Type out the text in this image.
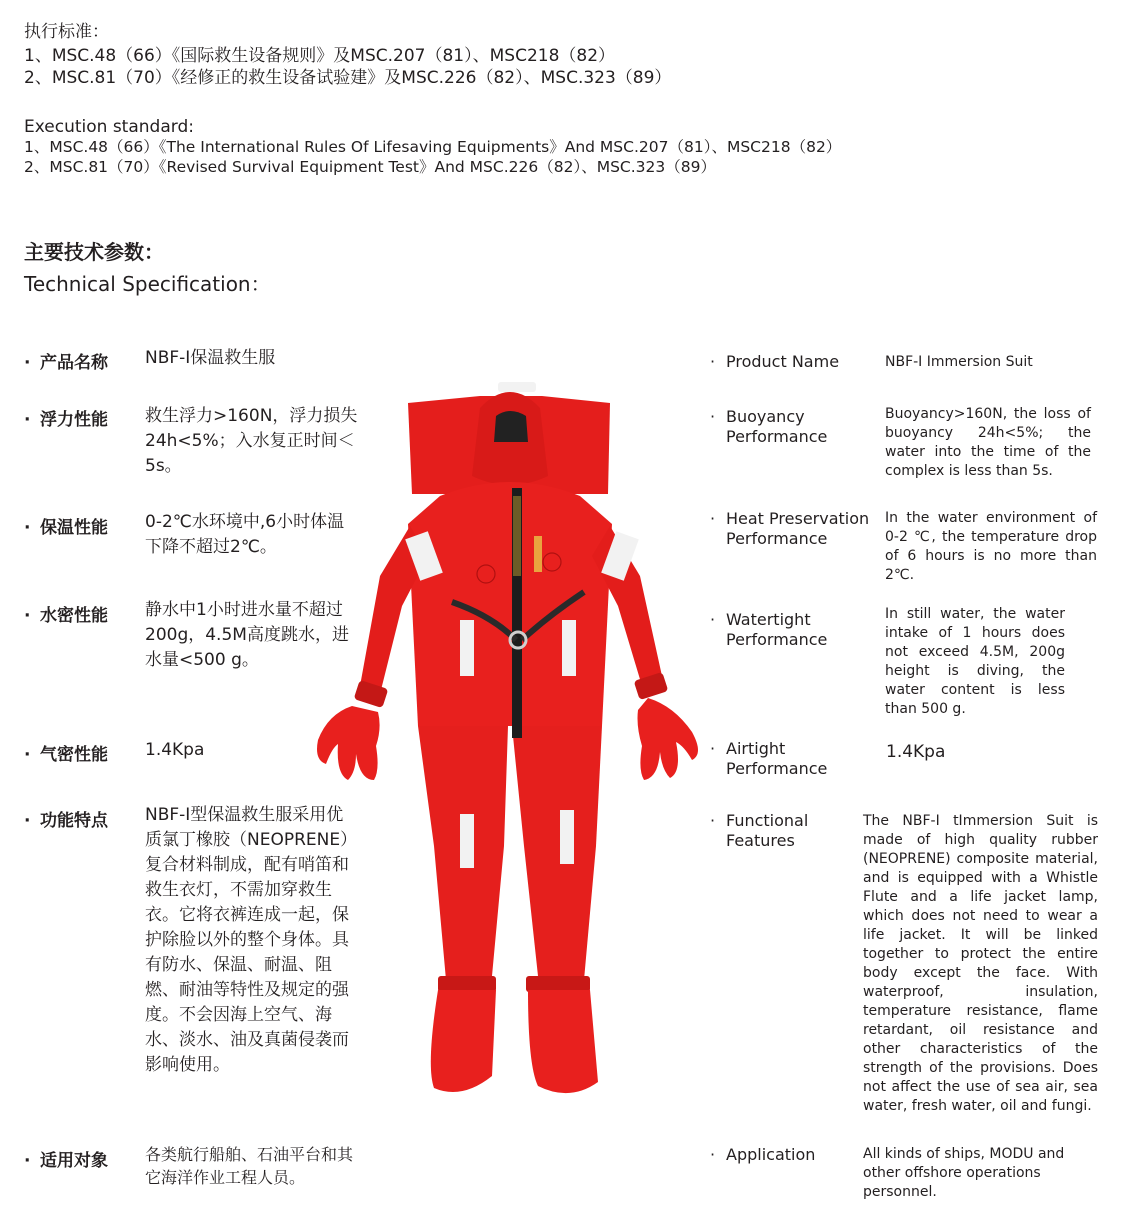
执行标准：
1、MSC.48（66）《国际救生设备规则》及MSC.207（81）、MSC218（82）
2、MSC.81（70）《经修正的救生设备试验建》及MSC.226（82）、MSC.323（89）
Execution standard:
1、MSC.48（66）《The International Rules Of Lifesaving Equipments》And MSC.207（81）、MSC218（82）
2、MSC.81（70）《Revised Survival Equipment Test》And MSC.226（82）、MSC.323（89）
主要技术参数：
Technical Specification：
· 产品名称 NBF-I保温救生服
· 浮力性能 救生浮力>160N，浮力损失24h<5%；入水复正时间＜5s。
· 保温性能 0-2℃水环境中,6小时体温下降不超过2℃。
· 水密性能 静水中1小时进水量不超过200g，4.5M高度跳水，进水量<500 g。
· 气密性能 1.4Kpa
· 功能特点 NBF-I型保温救生服采用优质氯丁橡胶（NEOPRENE）复合材料制成，配有哨笛和救生衣灯，不需加穿救生衣。它将衣裤连成一起，保护除脸以外的整个身体。具有防水、保温、耐温、阻燃、耐油等特性及规定的强度。不会因海上空气、海水、淡水、油及真菌侵袭而影响使用。
· 适用对象 各类航行船舶、石油平台和其它海洋作业工程人员。
· Product Name	NBF-I Immersion Suit
· Buoyancy Performance
Buoyancy>160N, the loss of buoyancy 24h<5%; the water into the time of the complex is less than 5s.
· Heat Preservation Performance
In the water environment of 0-2 ℃, the temperature drop of 6 hours is no more than 2℃.
· Watertight Performance
In still water, the water intake of 1 hours does not exceed 4.5M, 200g height is diving, the water content is less than 500 g.
· Airtight Performance
1.4Kpa
· Functional Features
The NBF-I tImmersion Suit is made of high quality rubber (NEOPRENE) composite material, and is equipped with a Whistle Flute and a life jacket lamp, which does not need to wear a life jacket. It will be linked together to protect the entire body except the face. With waterproof, insulation, temperature resistance, flame retardant, oil resistance and other characteristics of the strength of the provisions. Does not affect the use of sea air, sea water, fresh water, oil and fungi.
· Application	All kinds of ships, MODU and other offshore operations personnel.
